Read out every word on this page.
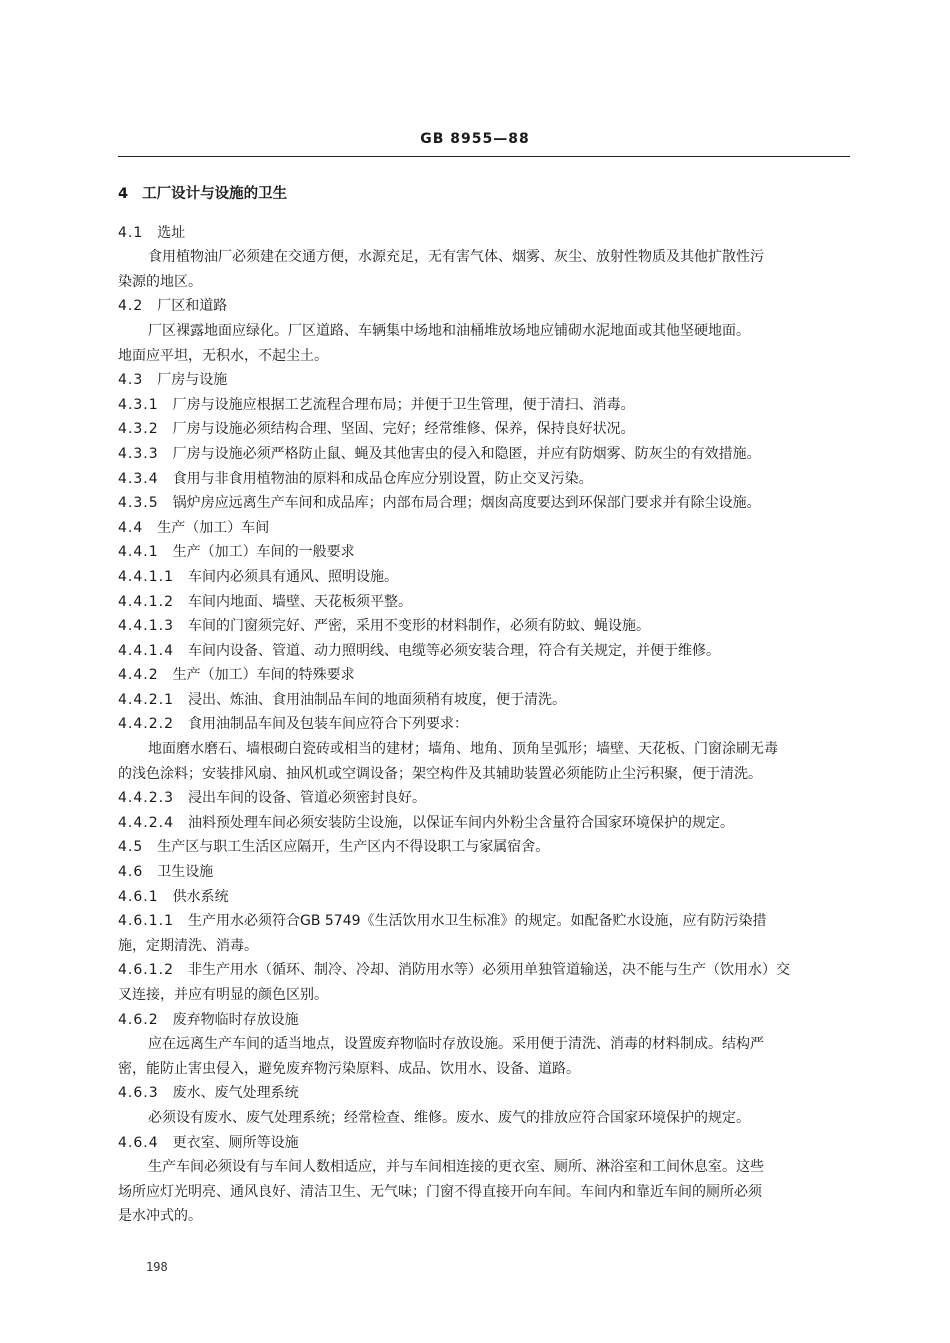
GB 8955—88
4 工厂设计与设施的卫生
4.1 选址
食用植物油厂必须建在交通方便，水源充足，无有害气体、烟雾、灰尘、放射性物质及其他扩散性污
染源的地区。
4.2 厂区和道路
厂区裸露地面应绿化。厂区道路、车辆集中场地和油桶堆放场地应铺砌水泥地面或其他坚硬地面。
地面应平坦，无积水，不起尘土。
4.3 厂房与设施
4.3.1 厂房与设施应根据工艺流程合理布局；并便于卫生管理，便于清扫、消毒。
4.3.2 厂房与设施必须结构合理、坚固、完好；经常维修、保养，保持良好状况。
4.3.3 厂房与设施必须严格防止鼠、蝇及其他害虫的侵入和隐匿，并应有防烟雾、防灰尘的有效措施。
4.3.4 食用与非食用植物油的原料和成品仓库应分别设置，防止交叉污染。
4.3.5 锅炉房应远离生产车间和成品库；内部布局合理；烟囱高度要达到环保部门要求并有除尘设施。
4.4 生产（加工）车间
4.4.1 生产（加工）车间的一般要求
4.4.1.1 车间内必须具有通风、照明设施。
4.4.1.2 车间内地面、墙壁、天花板须平整。
4.4.1.3 车间的门窗须完好、严密，采用不变形的材料制作，必须有防蚊、蝇设施。
4.4.1.4 车间内设备、管道、动力照明线、电缆等必须安装合理，符合有关规定，并便于维修。
4.4.2 生产（加工）车间的特殊要求
4.4.2.1 浸出、炼油、食用油制品车间的地面须稍有坡度，便于清洗。
4.4.2.2 食用油制品车间及包装车间应符合下列要求：
地面磨水磨石、墙根砌白瓷砖或相当的建材；墙角、地角、顶角呈弧形；墙壁、天花板、门窗涂刷无毒
的浅色涂料；安装排风扇、抽风机或空调设备；架空构件及其辅助装置必须能防止尘污积聚，便于清洗。
4.4.2.3 浸出车间的设备、管道必须密封良好。
4.4.2.4 油料预处理车间必须安装防尘设施，以保证车间内外粉尘含量符合国家环境保护的规定。
4.5 生产区与职工生活区应隔开，生产区内不得设职工与家属宿舍。
4.6 卫生设施
4.6.1 供水系统
4.6.1.1 生产用水必须符合GB 5749《生活饮用水卫生标准》的规定。如配备贮水设施，应有防污染措
施，定期清洗、消毒。
4.6.1.2 非生产用水（循环、制冷、冷却、消防用水等）必须用单独管道输送，决不能与生产（饮用水）交
叉连接，并应有明显的颜色区别。
4.6.2 废弃物临时存放设施
应在远离生产车间的适当地点，设置废弃物临时存放设施。采用便于清洗、消毒的材料制成。结构严
密，能防止害虫侵入，避免废弃物污染原料、成品、饮用水、设备、道路。
4.6.3 废水、废气处理系统
必须设有废水、废气处理系统；经常检查、维修。废水、废气的排放应符合国家环境保护的规定。
4.6.4 更衣室、厕所等设施
生产车间必须设有与车间人数相适应，并与车间相连接的更衣室、厕所、淋浴室和工间休息室。这些
场所应灯光明亮、通风良好、清洁卫生、无气味；门窗不得直接开向车间。车间内和靠近车间的厕所必须
是水冲式的。
198
